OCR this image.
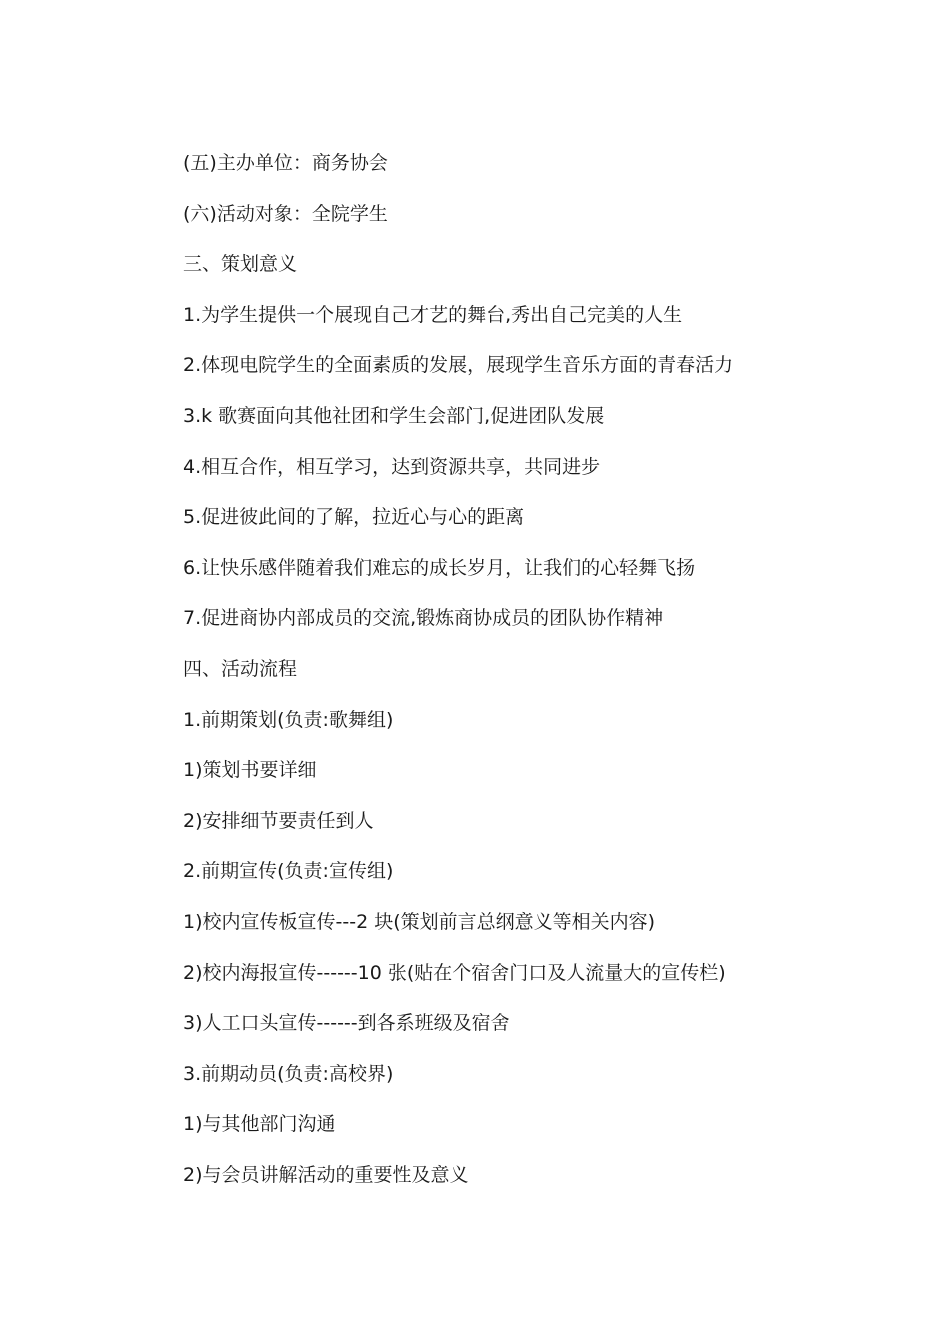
(五)主办单位：商务协会
(六)活动对象：全院学生
三、策划意义
1.为学生提供一个展现自己才艺的舞台,秀出自己完美的人生
2.体现电院学生的全面素质的发展，展现学生音乐方面的青春活力
3.k 歌赛面向其他社团和学生会部门,促进团队发展
4.相互合作，相互学习，达到资源共享，共同进步
5.促进彼此间的了解，拉近心与心的距离
6.让快乐感伴随着我们难忘的成长岁月，让我们的心轻舞飞扬
7.促进商协内部成员的交流,锻炼商协成员的团队协作精神
四、活动流程
1.前期策划(负责:歌舞组)
1)策划书要详细
2)安排细节要责任到人
2.前期宣传(负责:宣传组)
1)校内宣传板宣传---2 块(策划前言总纲意义等相关内容)
2)校内海报宣传------10 张(贴在个宿舍门口及人流量大的宣传栏)
3)人工口头宣传------到各系班级及宿舍
3.前期动员(负责:高校界)
1)与其他部门沟通
2)与会员讲解活动的重要性及意义
